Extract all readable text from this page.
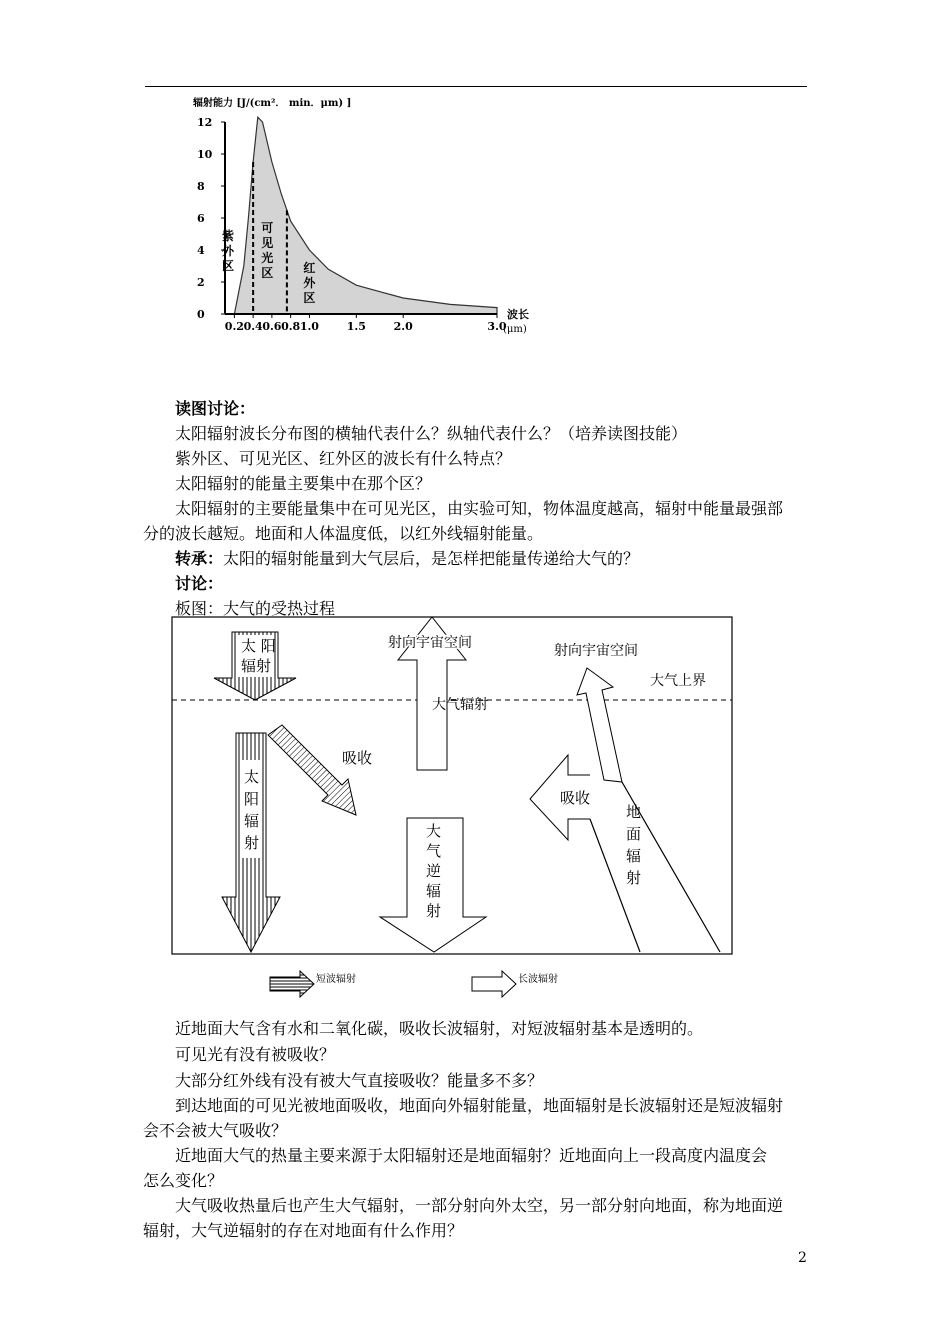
辐射能力 [J/(cm²． min．μm) ]
0
2
4
6
8
10
12
0.2 0.4 0.6 0.8 1.0	1.5	2.0	3.0
紫
外
区
可
见
光
区	红
外
区
波长
(μm)
读图讨论：
太阳辐射波长分布图的横轴代表什么？纵轴代表什么？（培养读图技能）
紫外区、可见光区、红外区的波长有什么特点？
太阳辐射的能量主要集中在那个区？
太阳辐射的主要能量集中在可见光区，由实验可知，物体温度越高，辐射中能量最强部
分的波长越短。地面和人体温度低，以红外线辐射能量。
转承：太阳的辐射能量到大气层后，是怎样把能量传递给大气的？
讨论：
板图：大气的受热过程
太 阳
辐射
射向宇宙空间
大气辐射
射向宇宙空间
大气上界
太
阳
辐
射
吸收
大
气
逆
辐
射
吸收
地
面
辐
射
短波辐射	长波辐射
近地面大气含有水和二氧化碳，吸收长波辐射，对短波辐射基本是透明的。
可见光有没有被吸收？
大部分红外线有没有被大气直接吸收？能量多不多？
到达地面的可见光被地面吸收，地面向外辐射能量，地面辐射是长波辐射还是短波辐射
会不会被大气吸收？
近地面大气的热量主要来源于太阳辐射还是地面辐射？近地面向上一段高度内温度会
怎么变化？
大气吸收热量后也产生大气辐射，一部分射向外太空，另一部分射向地面，称为地面逆
辐射，大气逆辐射的存在对地面有什么作用？
2
